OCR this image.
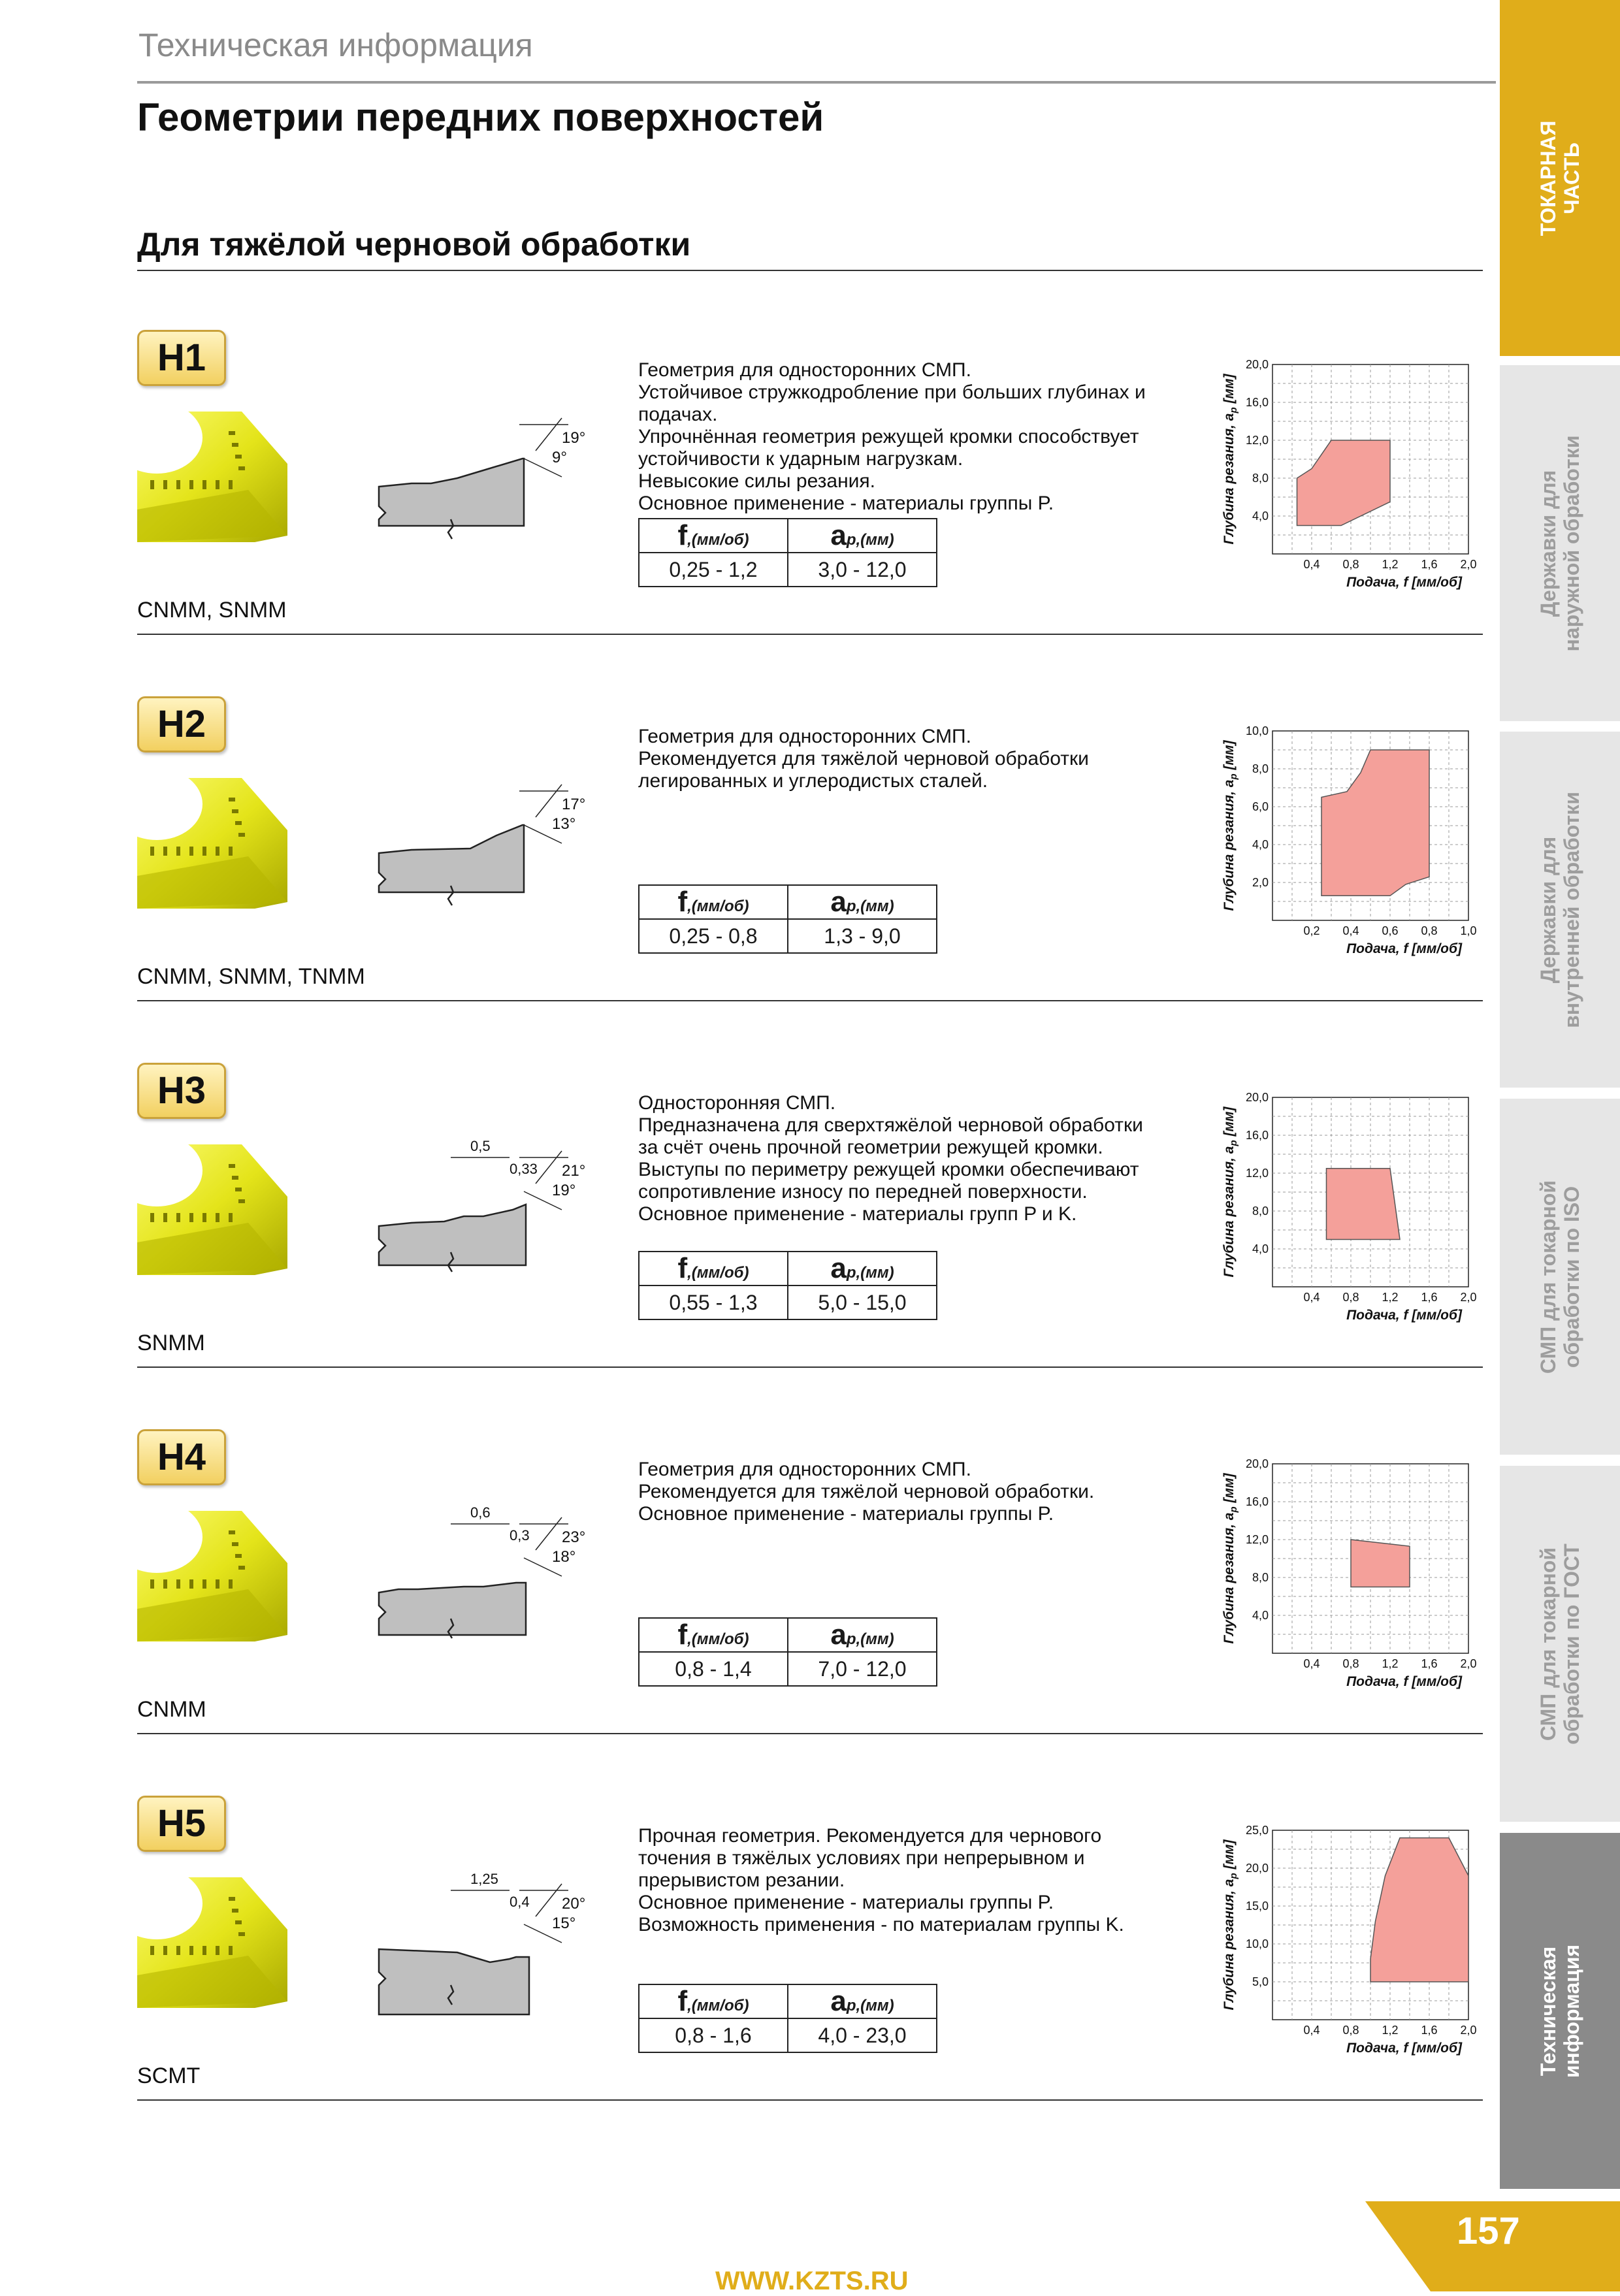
Техническая информация
Геометрии передних поверхностей
Для тяжёлой черновой обработки
ТОКАРНАЯ
ЧАСТЬ
Державки для
наружной обработки
Державки для
внутренней обработки
СМП для токарной
обработки по ISO
СМП для токарной
обработки по ГОСТ
Техническая
информация
H1
CNMM, SNMM
9°
19°
Геометрия для односторонних СМП.
Устойчивое стружкодробление при больших глубинах и подачах.
Упрочнённая геометрия режущей кромки способствует устойчивости к ударным нагрузкам.
Невысокие силы резания.
Основное применение - материалы группы P.
f,(мм/об)	ap,(мм)
0,25 - 1,2	3,0 - 12,0	0,4 0,8 1,2 1,6 2,0
4,0
8,0
12,0
16,0
20,0
Подача, f [мм/об]
Глубина резания, $a_p$ [мм]
H2
CNMM, SNMM, TNMM
13°
17°
Геометрия для односторонних СМП.
Рекомендуется для тяжёлой черновой обработки легированных и углеродистых сталей.
f,(мм/об)	ap,(мм)
0,25 - 0,8	1,3 - 9,0	0,2 0,4 0,6 0,8 1,0
2,0
4,0
6,0
8,0
10,0
Подача, f [мм/об]
Глубина резания, $a_p$ [мм]
H3
SNMM
19°
21°
0,5
0,33
Односторонняя СМП.
Предназначена для сверхтяжёлой черновой обработки за счёт очень прочной геометрии режущей кромки.
Выступы по периметру режущей кромки обеспечивают сопротивление износу по передней поверхности.
Основное применение - материалы групп P и K.
f,(мм/об)	ap,(мм)
0,55 - 1,3	5,0 - 15,0	0,4 0,8 1,2 1,6 2,0
4,0
8,0
12,0
16,0
20,0
Подача, f [мм/об]
Глубина резания, $a_p$ [мм]
H4
CNMM
18°
23°
0,6
0,3
Геометрия для односторонних СМП.
Рекомендуется для тяжёлой черновой обработки.
Основное применение - материалы группы P.
f,(мм/об)	ap,(мм)
0,8 - 1,4	7,0 - 12,0	0,4 0,8 1,2 1,6 2,0
4,0
8,0
12,0
16,0
20,0
Подача, f [мм/об]
Глубина резания, $a_p$ [мм]
H5
SCMT
15°
20°
1,25
0,4
Прочная геометрия. Рекомендуется для чернового точения в тяжёлых условиях при непрерывном и прерывистом резании.
Основное применение - материалы группы P.
Возможность применения - по материалам группы K.
f,(мм/об)	ap,(мм)
0,8 - 1,6	4,0 - 23,0	0,4 0,8 1,2 1,6 2,0
5,0
10,0
15,0
20,0
25,0
Подача, f [мм/об]
Глубина резания, $a_p$ [мм]
WWW.KZTS.RU
157
